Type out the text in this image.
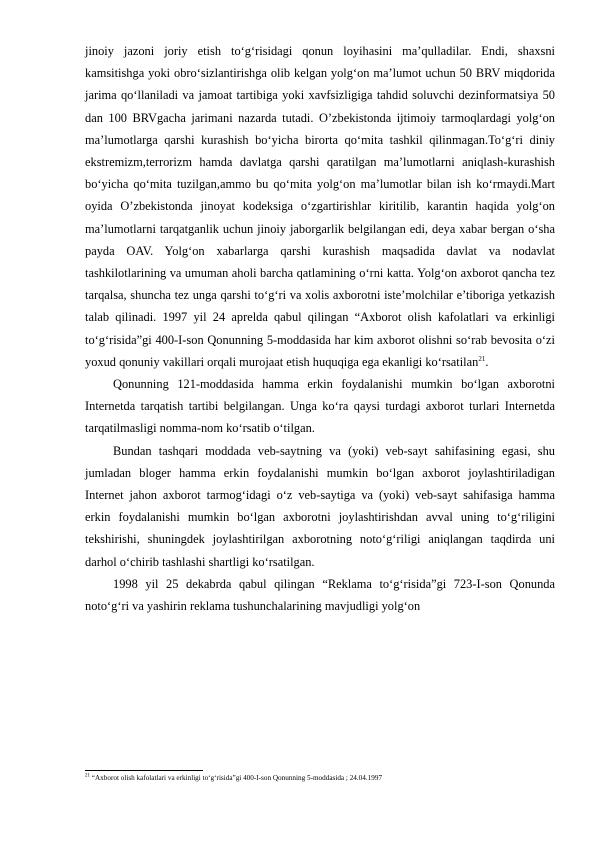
jinoiy jazoni joriy etish to‘g‘risidagi qonun loyihasini ma’qulladilar. Endi, shaxsni kamsitishga yoki obro‘sizlantirishga olib kelgan yolg‘on ma’lumot uchun 50 BRV miqdorida jarima qo‘llaniladi va jamoat tartibiga yoki xavfsizligiga tahdid soluvchi dezinformatsiya 50 dan 100 BRVgacha jarimani nazarda tutadi. O’zbekistonda ijtimoiy tarmoqlardagi yolg‘on ma’lumotlarga qarshi kurashish bo‘yicha birorta qo‘mita tashkil qilinmagan.To‘g‘ri diniy ekstremizm,terrorizm hamda davlatga qarshi qaratilgan ma’lumotlarni aniqlash-kurashish bo‘yicha qo‘mita tuzilgan,ammo bu qo‘mita yolg‘on ma’lumotlar bilan ish ko‘rmaydi.Mart oyida O’zbekistonda jinoyat kodeksiga o‘zgartirishlar kiritilib, karantin haqida yolg‘on ma’lumotlarni tarqatganlik uchun jinoiy jaborgarlik belgilangan edi, deya xabar bergan o‘sha payda OAV. Yolg‘on xabarlarga qarshi kurashish maqsadida davlat va nodavlat tashkilotlarining va umuman aholi barcha qatlamining o‘rni katta. Yolg‘on axborot qancha tez tarqalsa, shuncha tez unga qarshi to‘g‘ri va xolis axborotni iste’molchilar e’tiboriga yetkazish talab qilinadi. 1997 yil 24 aprelda qabul qilingan “Axborot olish kafolatlari va erkinligi to‘g‘risida”gi 400-I-son Qonunning 5-moddasida har kim axborot olishni so‘rab bevosita o‘zi yoxud qonuniy vakillari orqali murojaat etish huquqiga ega ekanligi ko‘rsatilan$^{21}$.

Qonunning 121-moddasida hamma erkin foydalanishi mumkin bo‘lgan axborotni Internetda tarqatish tartibi belgilangan. Unga ko‘ra qaysi turdagi axborot turlari Internetda tarqatilmasligi nomma-nom ko‘rsatib o‘tilgan.

Bundan tashqari moddada veb-saytning va (yoki) veb-sayt sahifasining egasi, shu jumladan bloger hamma erkin foydalanishi mumkin bo‘lgan axborot joylashtiriladigan Internet jahon axborot tarmog‘idagi o‘z veb-saytiga va (yoki) veb-sayt sahifasiga hamma erkin foydalanishi mumkin bo‘lgan axborotni joylashtirishdan avval uning to‘g‘riligini tekshirishi, shuningdek joylashtirilgan axborotning noto‘g‘riligi aniqlangan taqdirda uni darhol o‘chirib tashlashi shartligi ko‘rsatilgan.

1998 yil 25 dekabrda qabul qilingan “Reklama to‘g‘risida”gi 723-I-son Qonunda noto‘g‘ri va yashirin reklama tushunchalarining mavjudligi yolg‘on

$^{21}$ “Axborot olish kafolatlari va erkinligi to‘g‘risida”gi 400-I-son Qonunning 5-moddasida ; 24.04.1997
